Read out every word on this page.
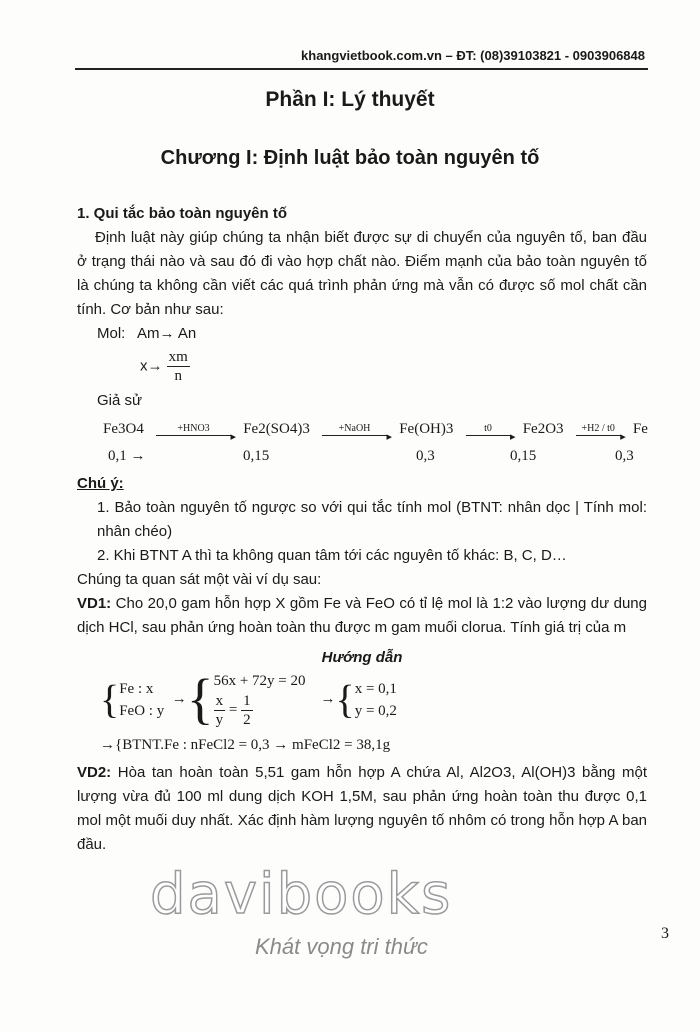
khangvietbook.com.vn – ĐT: (08)39103821 - 0903906848
Phần I: Lý thuyết
Chương I: Định luật bảo toàn nguyên tố
1. Qui tắc bảo toàn nguyên tố
Định luật này giúp chúng ta nhận biết được sự di chuyển của nguyên tố, ban đầu ở trạng thái nào và sau đó đi vào hợp chất nào. Điểm mạnh của bảo toàn nguyên tố là chúng ta không cần viết các quá trình phản ứng mà vẫn có được số mol chất cần tính. Cơ bản như sau:
Mol: Am→ An
$x\to \frac{xm}{n}$
Giả sử
Fe3O4	+HNO3 ▸	Fe2(SO4)3	+NaOH ▸	Fe(OH)3	t0 ▸	Fe2O3	+H2 / t0 ▸	Fe
0,1 →	0,15	0,3	0,15	0,3
Chú ý:
1. Bảo toàn nguyên tố ngược so với qui tắc tính mol (BTNT: nhân dọc | Tính mol: nhân chéo)
2. Khi BTNT A thì ta không quan tâm tới các nguyên tố khác: B, C, D…
Chúng ta quan sát một vài ví dụ sau:
VD1: Cho 20,0 gam hỗn hợp X gồm Fe và FeO có tỉ lệ mol là 1:2 vào lượng dư dung dịch HCl, sau phản ứng hoàn toàn thu được m gam muối clorua. Tính giá trị của m
Hướng dẫn
{ Fe : x
FeO : y
→{ 56x + 72y = 20
$\frac{x}{y} = \frac{1}{2}$	→{ x = 0,1
y = 0,2
→{BTNT.Fe : nFeCl2 = 0,3 → mFeCl2 = 38,1g
VD2: Hòa tan hoàn toàn 5,51 gam hỗn hợp A chứa Al, Al2O3, Al(OH)3 bằng một lượng vừa đủ 100 ml dung dịch KOH 1,5M, sau phản ứng hoàn toàn thu được 0,1 mol một muối duy nhất. Xác định hàm lượng nguyên tố nhôm có trong hỗn hợp A ban đầu.
davibooks
Khát vọng tri thức
3
